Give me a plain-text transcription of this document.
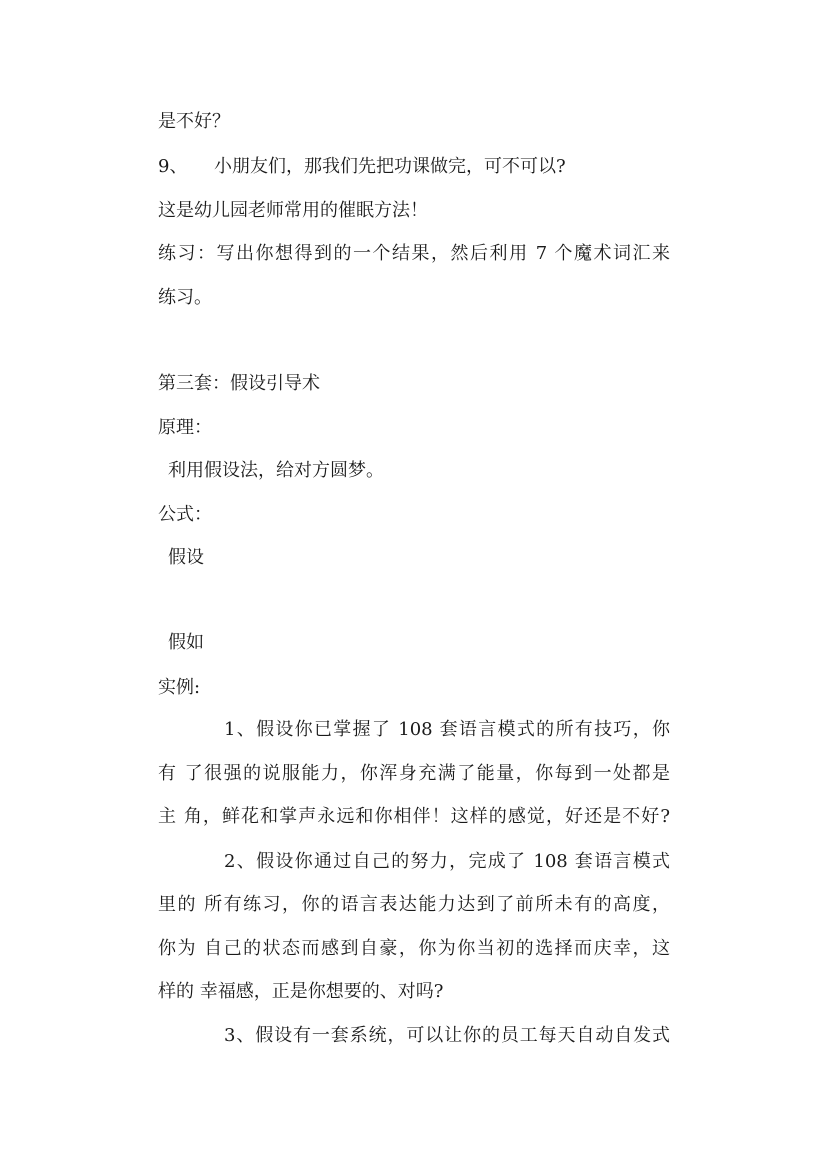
是不好？
9、 小朋友们，那我们先把功课做完，可不可以?
这是幼儿园老师常用的催眠方法！
练习：写出你想得到的一个结果，然后利用 7 个魔术词汇来
练习。
第三套：假设引导术
原理：
利用假设法，给对方圆梦。
公式：
假设
假如
实例:
1、假设你已掌握了 108 套语言模式的所有技巧，你
有 了很强的说服能力，你浑身充满了能量，你每到一处都是
主 角，鲜花和掌声永远和你相伴！这样的感觉，好还是不好?
2、假设你通过自己的努力，完成了 108 套语言模式
里的 所有练习，你的语言表达能力达到了前所未有的高度，
你为 自己的状态而感到自豪，你为你当初的选择而庆幸，这
样的 幸福感，正是你想要的、对吗?
3、假设有一套系统，可以让你的员工每天自动自发式
